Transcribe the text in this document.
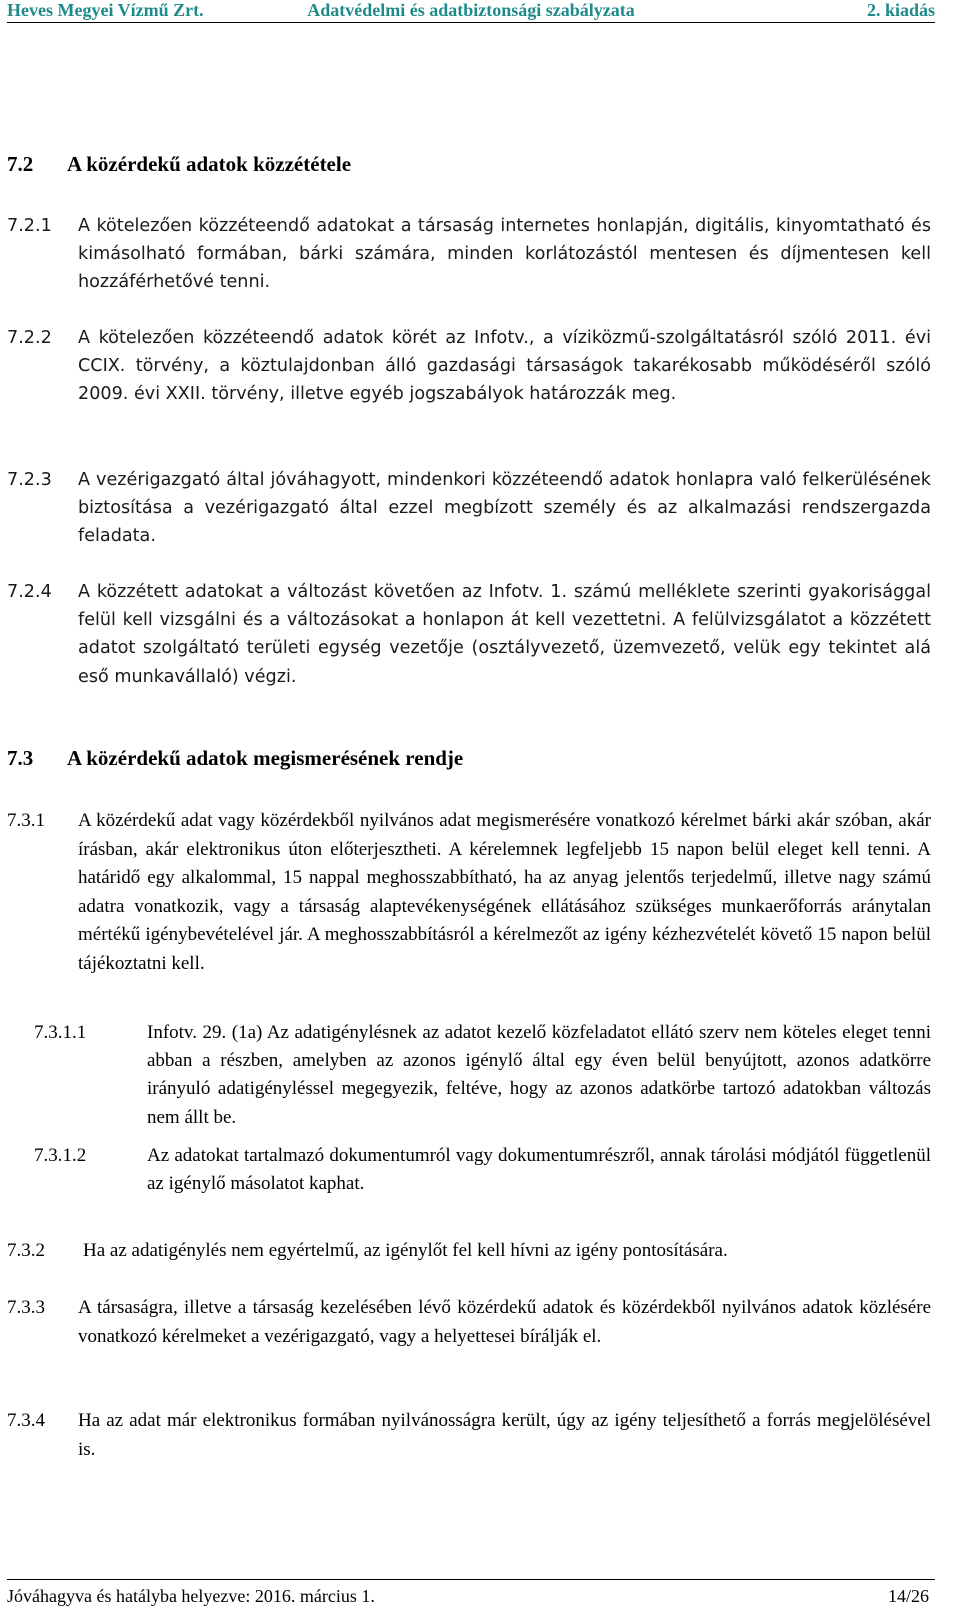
Heves Megyei Vízmű Zrt.	Adatvédelmi és adatbiztonsági szabályzata	2. kiadás
7.2 A közérdekű adatok közzététele
7.2.1 A kötelezően közzéteendő adatokat a társaság internetes honlapján, digitális, kinyomtatható és kimásolható formában, bárki számára, minden korlátozástól mentesen és díjmentesen kell hozzáférhetővé tenni.
7.2.2 A kötelezően közzéteendő adatok körét az Infotv., a víziközmű-szolgáltatásról szóló 2011. évi CCIX. törvény, a köztulajdonban álló gazdasági társaságok takarékosabb működéséről szóló 2009. évi XXII. törvény, illetve egyéb jogszabályok határozzák meg.
7.2.3 A vezérigazgató által jóváhagyott, mindenkori közzéteendő adatok honlapra való felkerülésének biztosítása a vezérigazgató által ezzel megbízott személy és az alkalmazási rendszergazda feladata.
7.2.4 A közzétett adatokat a változást követően az Infotv. 1. számú melléklete szerinti gyakorisággal felül kell vizsgálni és a változásokat a honlapon át kell vezettetni. A felülvizsgálatot a közzétett adatot szolgáltató területi egység vezetője (osztályvezető, üzemvezető, velük egy tekintet alá eső munkavállaló) végzi.
7.3 A közérdekű adatok megismerésének rendje
7.3.1 A közérdekű adat vagy közérdekből nyilvános adat megismerésére vonatkozó kérelmet bárki akár szóban, akár írásban, akár elektronikus úton előterjesztheti. A kérelemnek legfeljebb 15 napon belül eleget kell tenni. A határidő egy alkalommal, 15 nappal meghosszabbítható, ha az anyag jelentős terjedelmű, illetve nagy számú adatra vonatkozik, vagy a társaság alaptevékenységének ellátásához szükséges munkaerőforrás aránytalan mértékű igénybevételével jár. A meghosszabbításról a kérelmezőt az igény kézhezvételét követő 15 napon belül tájékoztatni kell.
7.3.1.1	Infotv. 29. (1a) Az adatigénylésnek az adatot kezelő közfeladatot ellátó szerv nem köteles eleget tenni abban a részben, amelyben az azonos igénylő által egy éven belül benyújtott, azonos adatkörre irányuló adatigényléssel megegyezik, feltéve, hogy az azonos adatkörbe tartozó adatokban változás nem állt be.
7.3.1.2	Az adatokat tartalmazó dokumentumról vagy dokumentumrészről, annak tárolási módjától függetlenül az igénylő másolatot kaphat.
7.3.2 Ha az adatigénylés nem egyértelmű, az igénylőt fel kell hívni az igény pontosítására.
7.3.3 A társaságra, illetve a társaság kezelésében lévő közérdekű adatok és közérdekből nyilvános adatok közlésére vonatkozó kérelmeket a vezérigazgató, vagy a helyettesei bírálják el.
7.3.4 Ha az adat már elektronikus formában nyilvánosságra került, úgy az igény teljesíthető a forrás megjelölésével is.
Jóváhagyva és hatályba helyezve: 2016. március 1.	14/26
